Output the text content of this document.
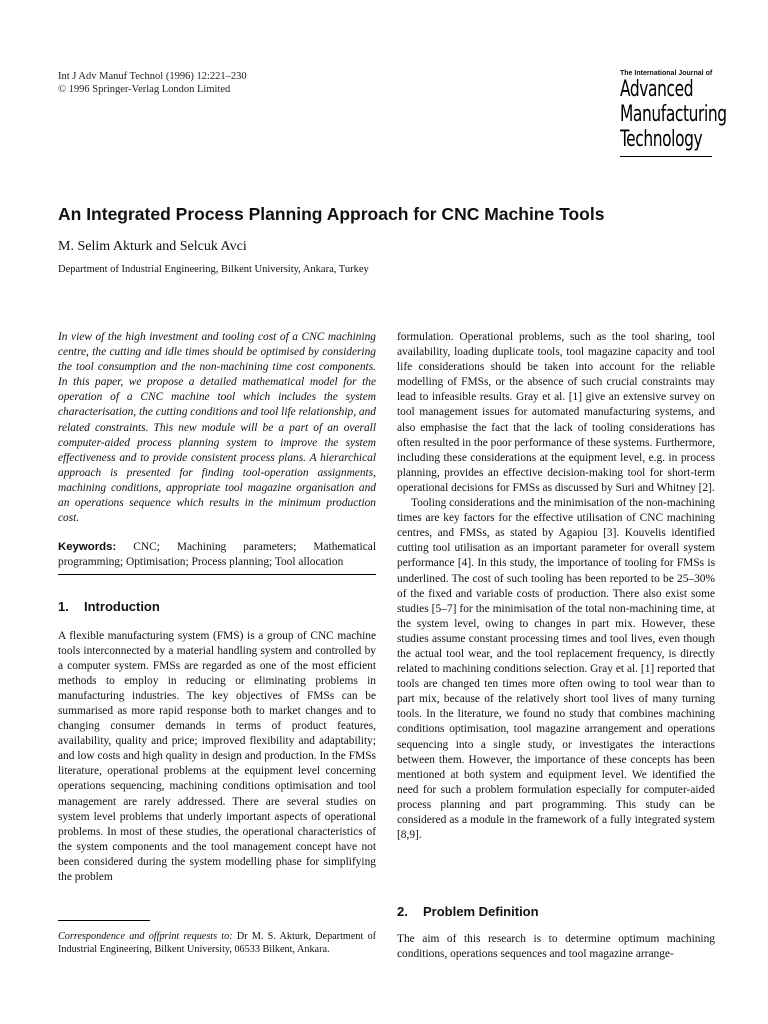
Int J Adv Manuf Technol (1996) 12:221–230
© 1996 Springer-Verlag London Limited
The International Journal of
Advanced
Manufacturing
Technology
An Integrated Process Planning Approach for CNC Machine Tools
M. Selim Akturk and Selcuk Avci
Department of Industrial Engineering, Bilkent University, Ankara, Turkey
In view of the high investment and tooling cost of a CNC machining centre, the cutting and idle times should be optimised by considering the tool consumption and the non-machining time cost components. In this paper, we propose a detailed mathematical model for the operation of a CNC machine tool which includes the system characterisation, the cutting conditions and tool life relationship, and related constraints. This new module will be a part of an overall computer-aided process planning system to improve the system effectiveness and to provide consistent process plans. A hierarchical approach is presented for finding tool-operation assignments, machining conditions, appropriate tool magazine organisation and an operations sequence which results in the minimum production cost.
Keywords: CNC; Machining parameters; Mathematical programming; Optimisation; Process planning; Tool allocation
1. Introduction
A flexible manufacturing system (FMS) is a group of CNC machine tools interconnected by a material handling system and controlled by a computer system. FMSs are regarded as one of the most efficient methods to employ in reducing or eliminating problems in manufacturing industries. The key objectives of FMSs can be summarised as more rapid response both to market changes and to changing consumer demands in terms of product features, availability, quality and price; improved flexibility and adaptability; and low costs and high quality in design and production. In the FMSs literature, operational problems at the equipment level concerning operations sequencing, machining conditions optimisation and tool management are rarely addressed. There are several studies on system level problems that underly important aspects of operational problems. In most of these studies, the operational characteristics of the system components and the tool management concept have not been considered during the system modelling phase for simplifying the problem
formulation. Operational problems, such as the tool sharing, tool availability, loading duplicate tools, tool magazine capacity and tool life considerations should be taken into account for the reliable modelling of FMSs, or the absence of such crucial constraints may lead to infeasible results. Gray et al. [1] give an extensive survey on tool management issues for automated manufacturing systems, and also emphasise the fact that the lack of tooling considerations has often resulted in the poor performance of these systems. Furthermore, including these considerations at the equipment level, e.g. in process planning, provides an effective decision-making tool for short-term operational decisions for FMSs as discussed by Suri and Whitney [2].
Tooling considerations and the minimisation of the non-machining times are key factors for the effective utilisation of CNC machining centres, and FMSs, as stated by Agapiou [3]. Kouvelis identified cutting tool utilisation as an important parameter for overall system performance [4]. In this study, the importance of tooling for FMSs is underlined. The cost of such tooling has been reported to be 25–30% of the fixed and variable costs of production. There also exist some studies [5–7] for the minimisation of the total non-machining time, at the system level, owing to changes in part mix. However, these studies assume constant processing times and tool lives, even though the actual tool wear, and the tool replacement frequency, is directly related to machining conditions selection. Gray et al. [1] reported that tools are changed ten times more often owing to tool wear than to part mix, because of the relatively short tool lives of many turning tools. In the literature, we found no study that combines machining conditions optimisation, tool magazine arrangement and operations sequencing into a single study, or investigates the interactions between them. However, the importance of these concepts has been mentioned at both system and equipment level. We identified the need for such a problem formulation especially for computer-aided process planning and part programming. This study can be considered as a module in the framework of a fully integrated system [8,9].
2. Problem Definition
The aim of this research is to determine optimum machining conditions, operations sequences and tool magazine arrange-
Correspondence and offprint requests to: Dr M. S. Akturk, Department of Industrial Engineering, Bilkent University, 06533 Bilkent, Ankara.
